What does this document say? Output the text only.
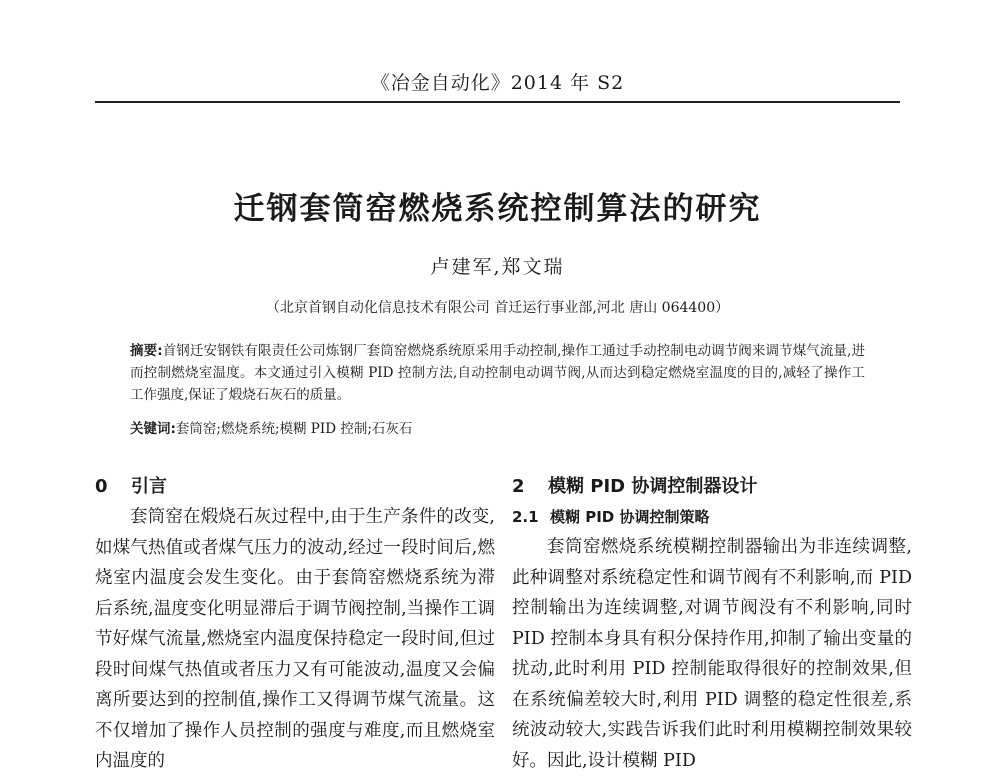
《冶金自动化》2014 年 S2
迁钢套筒窑燃烧系统控制算法的研究
卢建军,郑文瑞
（北京首钢自动化信息技术有限公司 首迁运行事业部,河北 唐山 064400）
摘要:首钢迁安钢铁有限责任公司炼钢厂套筒窑燃烧系统原采用手动控制,操作工通过手动控制电动调节阀来调节煤气流量,进而控制燃烧室温度。本文通过引入模糊 PID 控制方法,自动控制电动调节阀,从而达到稳定燃烧室温度的目的,减轻了操作工工作强度,保证了煅烧石灰石的质量。
关键词:套筒窑;燃烧系统;模糊 PID 控制;石灰石
0 引言

套筒窑在煅烧石灰过程中,由于生产条件的改变,如煤气热值或者煤气压力的波动,经过一段时间后,燃烧室内温度会发生变化。由于套筒窑燃烧系统为滞后系统,温度变化明显滞后于调节阀控制,当操作工调节好煤气流量,燃烧室内温度保持稳定一段时间,但过段时间煤气热值或者压力又有可能波动,温度又会偏离所要达到的控制值,操作工又得调节煤气流量。这不仅增加了操作人员控制的强度与难度,而且燃烧室内温度的

2 模糊 PID 协调控制器设计
2.1 模糊 PID 协调控制策略

套筒窑燃烧系统模糊控制器输出为非连续调整,此种调整对系统稳定性和调节阀有不利影响,而 PID 控制输出为连续调整,对调节阀没有不利影响,同时 PID 控制本身具有积分保持作用,抑制了输出变量的扰动,此时利用 PID 控制能取得很好的控制效果,但在系统偏差较大时,利用 PID 调整的稳定性很差,系统波动较大,实践告诉我们此时利用模糊控制效果较好。因此,设计模糊 PID
